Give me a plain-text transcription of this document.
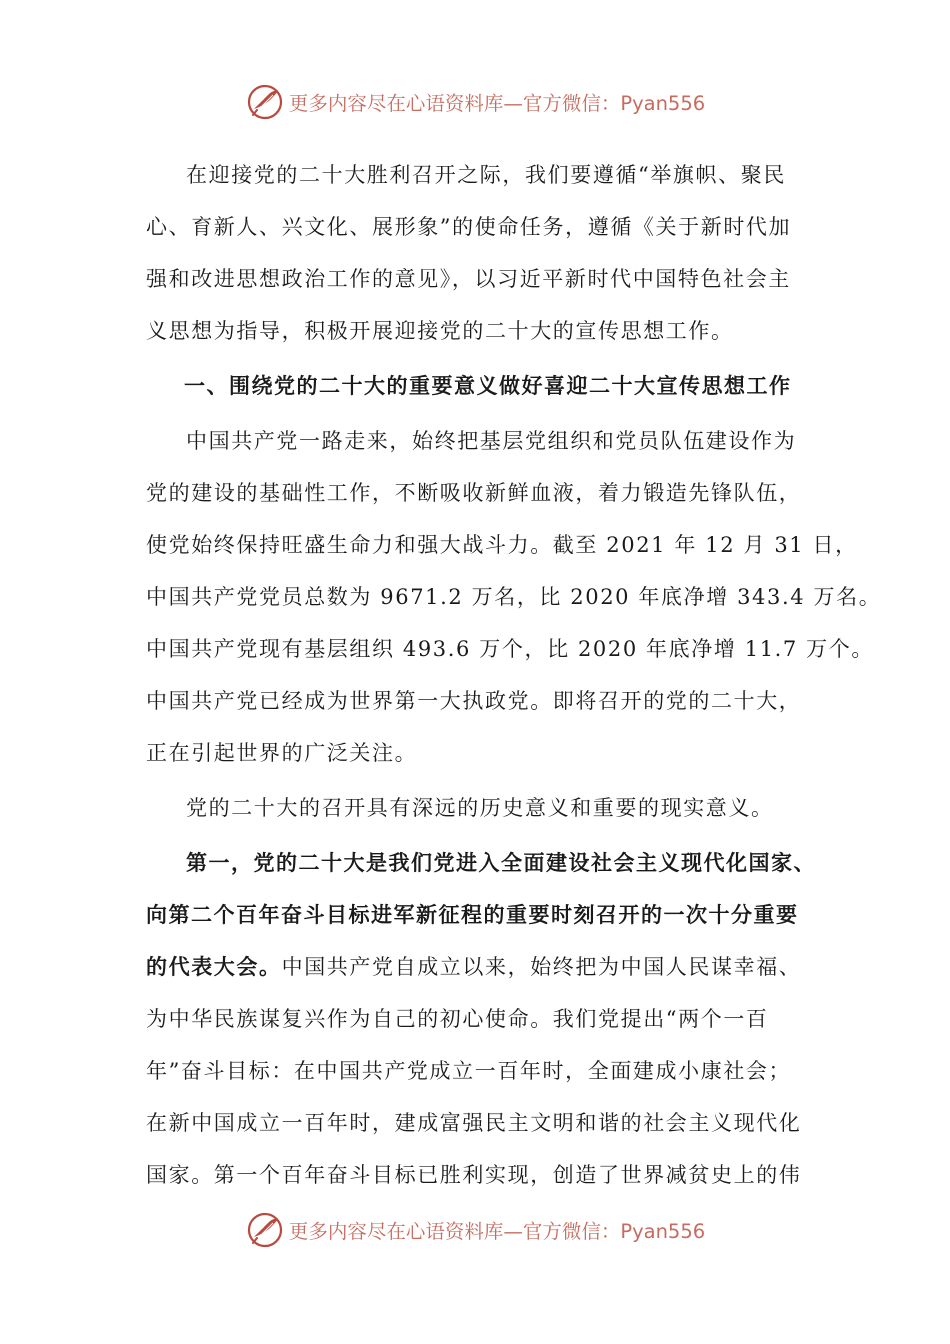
更多内容尽在心语资料库—官方微信：Pyan556
在迎接党的二十大胜利召开之际，我们要遵循“举旗帜、聚民
心、育新人、兴文化、展形象”的使命任务，遵循《关于新时代加
强和改进思想政治工作的意见》，以习近平新时代中国特色社会主
义思想为指导，积极开展迎接党的二十大的宣传思想工作。
一、围绕党的二十大的重要意义做好喜迎二十大宣传思想工作
中国共产党一路走来，始终把基层党组织和党员队伍建设作为
党的建设的基础性工作，不断吸收新鲜血液，着力锻造先锋队伍，
使党始终保持旺盛生命力和强大战斗力。截至 2021 年 12 月 31 日，
中国共产党党员总数为 9671.2 万名，比 2020 年底净增 343.4 万名。
中国共产党现有基层组织 493.6 万个，比 2020 年底净增 11.7 万个。
中国共产党已经成为世界第一大执政党。即将召开的党的二十大，
正在引起世界的广泛关注。
党的二十大的召开具有深远的历史意义和重要的现实意义。
第一，党的二十大是我们党进入全面建设社会主义现代化国家、
向第二个百年奋斗目标进军新征程的重要时刻召开的一次十分重要
的代表大会。中国共产党自成立以来，始终把为中国人民谋幸福、
为中华民族谋复兴作为自己的初心使命。我们党提出“两个一百
年”奋斗目标：在中国共产党成立一百年时，全面建成小康社会；
在新中国成立一百年时，建成富强民主文明和谐的社会主义现代化
国家。第一个百年奋斗目标已胜利实现，创造了世界减贫史上的伟
更多内容尽在心语资料库—官方微信：Pyan556
